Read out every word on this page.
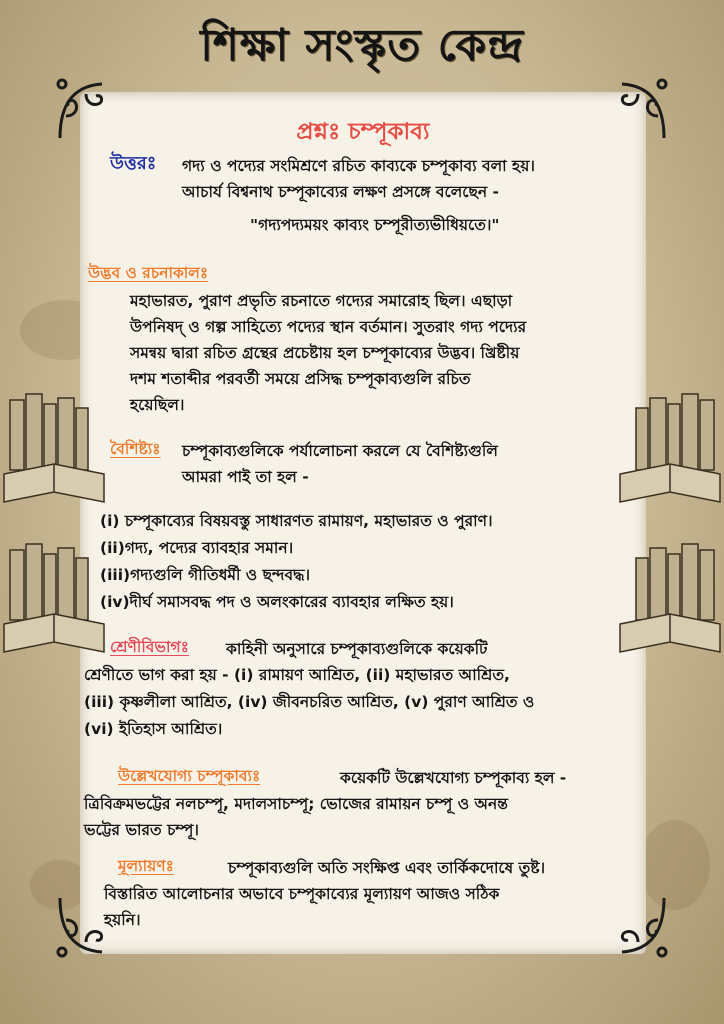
শিক্ষা সংস্কৃত কেন্দ্র
প্রশ্নঃ চম্পূকাব্য
উত্তরঃ গদ্য ও পদ্যের সংমিশ্রণে রচিত কাব্যকে চম্পূকাব্য বলা হয়।
আচার্য বিশ্বনাথ চম্পূকাব্যের লক্ষণ প্রসঙ্গে বলেছেন -
"গদ্যপদ্যময়ং কাব্যং চম্পূরীত্যভীধিয়তে।"
উদ্ভব ও রচনাকালঃ
মহাভারত, পুরাণ প্রভৃতি রচনাতে গদ্যের সমারোহ ছিল। এছাড়া
উপনিষদ্ ও গল্প সাহিত্যে পদ্যের স্থান বর্তমান। সুতরাং গদ্য পদ্যের
সমন্বয় দ্বারা রচিত গ্রন্থের প্রচেষ্টায় হল চম্পূকাব্যের উদ্ভব। খ্রিষ্টীয়
দশম শতাব্দীর পরবর্তী সময়ে প্রসিদ্ধ চম্পূকাব্যগুলি রচিত
হয়েছিল।
বৈশিষ্ট্যঃ চম্পূকাব্যগুলিকে পর্যালোচনা করলে যে বৈশিষ্ট্যগুলি
আমরা পাই তা হল -
(i) চম্পূকাব্যের বিষয়বস্তু সাধারণত রামায়ণ, মহাভারত ও পুরাণ।
(ii)গদ্য, পদ্যের ব্যাবহার সমান।
(iii)গদ্যগুলি গীতিধর্মী ও ছন্দবদ্ধ।
(iv)দীর্ঘ সমাসবদ্ধ পদ ও অলংকারের ব্যাবহার লক্ষিত হয়।
শ্রেণীবিভাগঃ কাহিনী অনুসারে চম্পূকাব্যগুলিকে কয়েকটি
শ্রেণীতে ভাগ করা হয় - (i) রামায়ণ আশ্রিত, (ii) মহাভারত আশ্রিত,
(iii) কৃষ্ণলীলা আশ্রিত, (iv) জীবনচরিত আশ্রিত, (v) পুরাণ আশ্রিত ও
(vi) ইতিহাস আশ্রিত।
উল্লেখযোগ্য চম্পূকাব্যঃ	কয়েকটি উল্লেখযোগ্য চম্পূকাব্য হল -
ত্রিবিক্রমভট্টের নলচম্পূ, মদালসাচম্পূ; ভোজের রামায়ন চম্পূ ও অনন্ত
ভট্টের ভারত চম্পূ।
মূল্যায়ণঃ	চম্পূকাব্যগুলি অতি সংক্ষিপ্ত এবং তার্কিকদোষে তুষ্ট।
বিস্তারিত আলোচনার অভাবে চম্পূকাব্যের মূল্যায়ণ আজও সঠিক
হয়নি।
